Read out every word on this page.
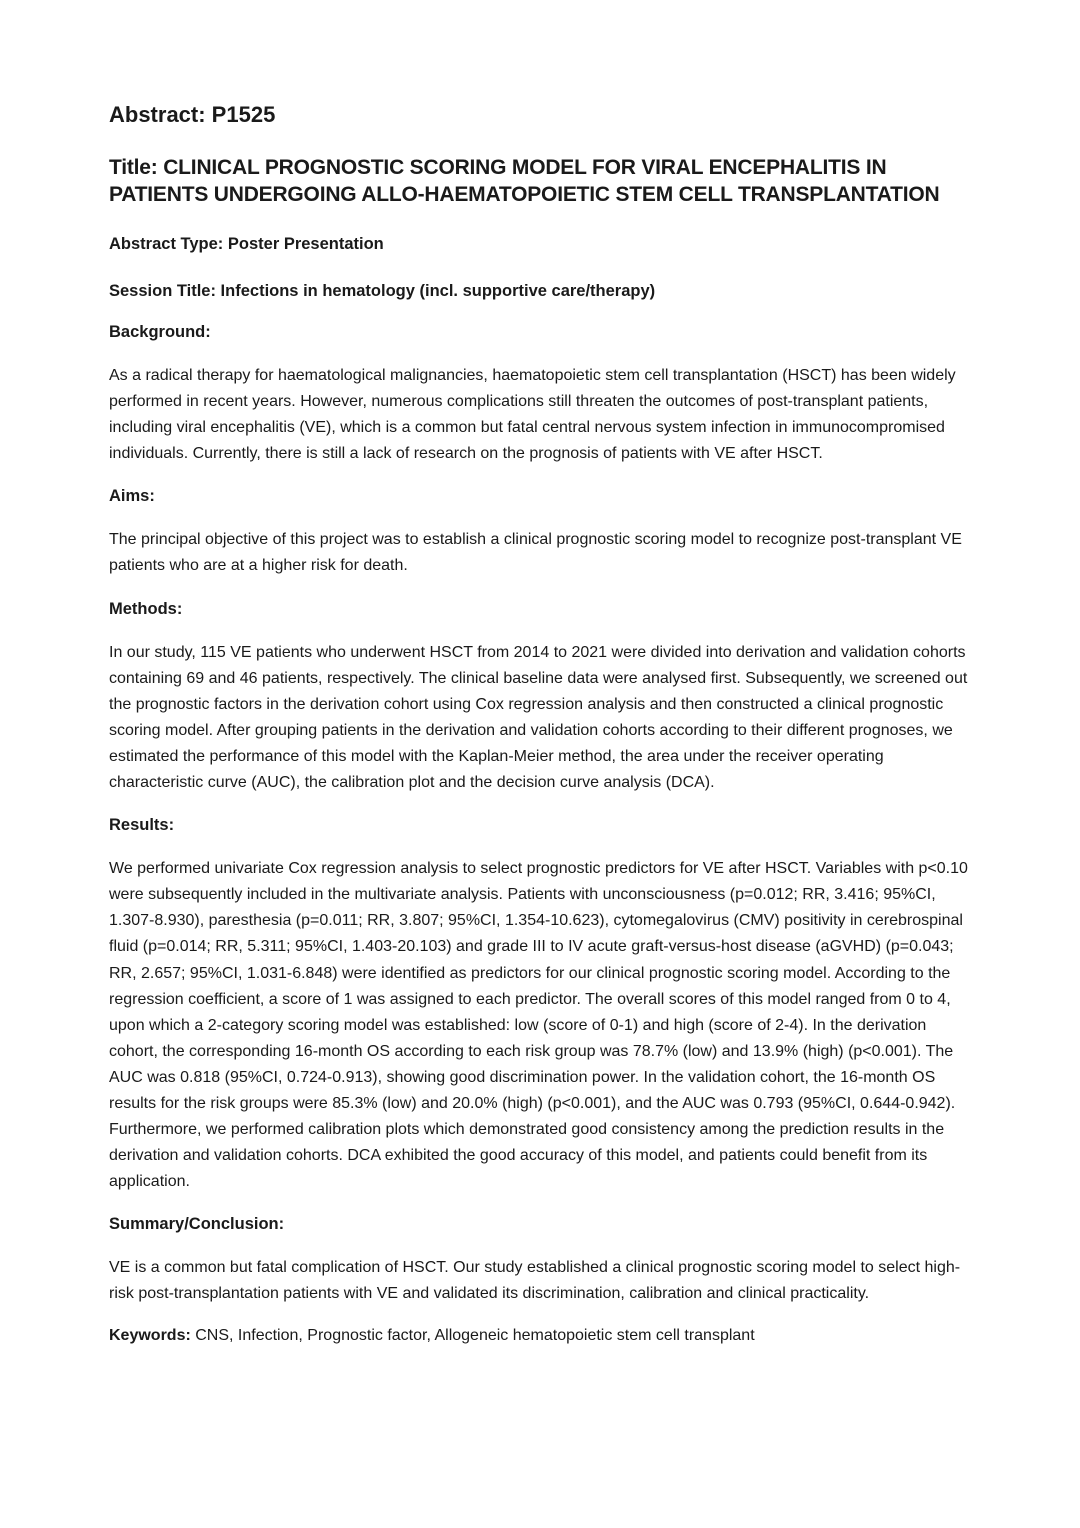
Abstract: P1525
Title: CLINICAL PROGNOSTIC SCORING MODEL FOR VIRAL ENCEPHALITIS IN PATIENTS UNDERGOING ALLO-HAEMATOPOIETIC STEM CELL TRANSPLANTATION

Abstract Type: Poster Presentation

Session Title: Infections in hematology (incl. supportive care/therapy)

Background:

As a radical therapy for haematological malignancies, haematopoietic stem cell transplantation (HSCT) has been widely performed in recent years. However, numerous complications still threaten the outcomes of post-transplant patients, including viral encephalitis (VE), which is a common but fatal central nervous system infection in immunocompromised individuals. Currently, there is still a lack of research on the prognosis of patients with VE after HSCT.

Aims:

The principal objective of this project was to establish a clinical prognostic scoring model to recognize post-transplant VE patients who are at a higher risk for death.

Methods:

In our study, 115 VE patients who underwent HSCT from 2014 to 2021 were divided into derivation and validation cohorts containing 69 and 46 patients, respectively. The clinical baseline data were analysed first. Subsequently, we screened out the prognostic factors in the derivation cohort using Cox regression analysis and then constructed a clinical prognostic scoring model. After grouping patients in the derivation and validation cohorts according to their different prognoses, we estimated the performance of this model with the Kaplan-Meier method, the area under the receiver operating characteristic curve (AUC), the calibration plot and the decision curve analysis (DCA).

Results:

We performed univariate Cox regression analysis to select prognostic predictors for VE after HSCT. Variables with p<0.10 were subsequently included in the multivariate analysis. Patients with unconsciousness (p=0.012; RR, 3.416; 95%CI, 1.307-8.930), paresthesia (p=0.011; RR, 3.807; 95%CI, 1.354-10.623), cytomegalovirus (CMV) positivity in cerebrospinal fluid (p=0.014; RR, 5.311; 95%CI, 1.403-20.103) and grade III to IV acute graft-versus-host disease (aGVHD) (p=0.043; RR, 2.657; 95%CI, 1.031-6.848) were identified as predictors for our clinical prognostic scoring model. According to the regression coefficient, a score of 1 was assigned to each predictor. The overall scores of this model ranged from 0 to 4, upon which a 2-category scoring model was established: low (score of 0-1) and high (score of 2-4). In the derivation cohort, the corresponding 16-month OS according to each risk group was 78.7% (low) and 13.9% (high) (p<0.001). The AUC was 0.818 (95%CI, 0.724-0.913), showing good discrimination power. In the validation cohort, the 16-month OS results for the risk groups were 85.3% (low) and 20.0% (high) (p<0.001), and the AUC was 0.793 (95%CI, 0.644-0.942). Furthermore, we performed calibration plots which demonstrated good consistency among the prediction results in the derivation and validation cohorts. DCA exhibited the good accuracy of this model, and patients could benefit from its application.

Summary/Conclusion:

VE is a common but fatal complication of HSCT. Our study established a clinical prognostic scoring model to select high-risk post-transplantation patients with VE and validated its discrimination, calibration and clinical practicality.

Keywords: CNS, Infection, Prognostic factor, Allogeneic hematopoietic stem cell transplant
